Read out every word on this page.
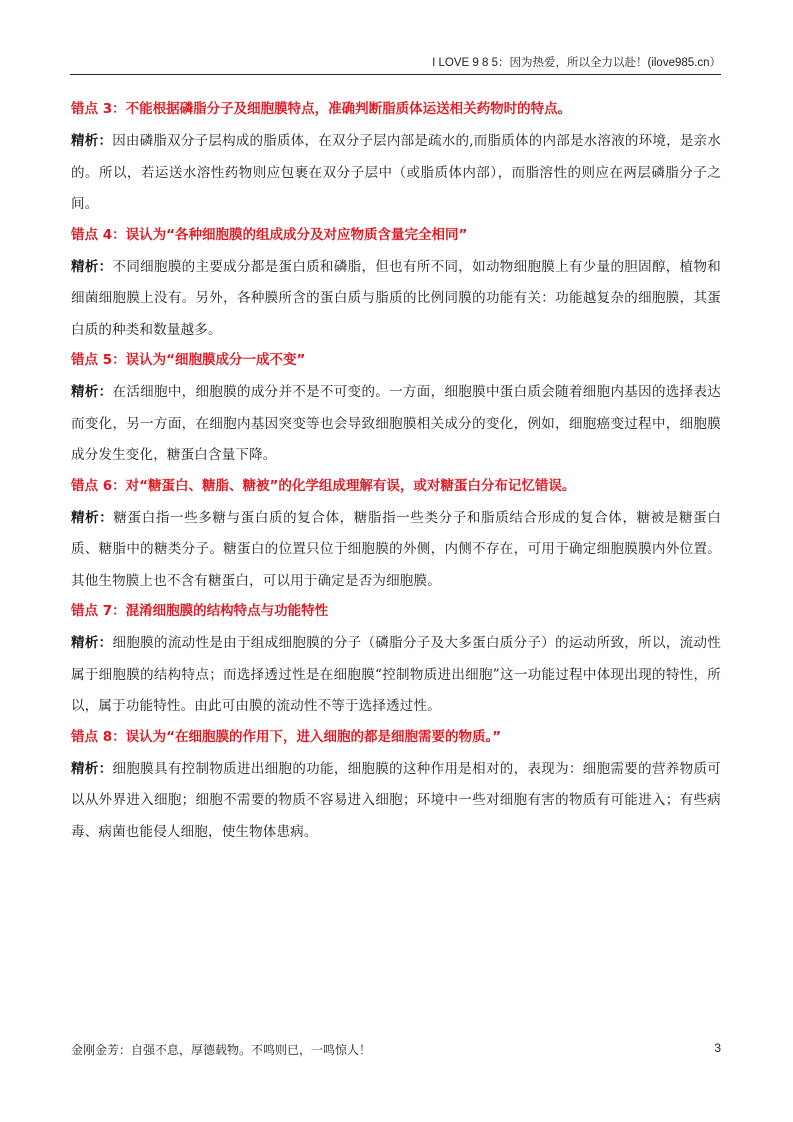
I LOVE 9 8 5：因为热爱，所以全力以赴！(ilove985.cn）

错点 3：不能根据磷脂分子及细胞膜特点，准确判断脂质体运送相关药物时的特点。

精析：因由磷脂双分子层构成的脂质体，在双分子层内部是疏水的,而脂质体的内部是水溶液的环境，是亲水的。所以，若运送水溶性药物则应包裹在双分子层中（或脂质体内部），而脂溶性的则应在两层磷脂分子之间。

错点 4：误认为“各种细胞膜的组成成分及对应物质含量完全相同”

精析：不同细胞膜的主要成分都是蛋白质和磷脂，但也有所不同，如动物细胞膜上有少量的胆固醇，植物和细菌细胞膜上没有。另外，各种膜所含的蛋白质与脂质的比例同膜的功能有关：功能越复杂的细胞膜，其蛋白质的种类和数量越多。

错点 5：误认为“细胞膜成分一成不变”

精析：在活细胞中，细胞膜的成分并不是不可变的。一方面，细胞膜中蛋白质会随着细胞内基因的选择表达而变化，另一方面，在细胞内基因突变等也会导致细胞膜相关成分的变化，例如，细胞癌变过程中，细胞膜成分发生变化，糖蛋白含量下降。

错点 6：对“糖蛋白、糖脂、糖被”的化学组成理解有误，或对糖蛋白分布记忆错误。

精析：糖蛋白指一些多糖与蛋白质的复合体，糖脂指一些类分子和脂质结合形成的复合体，糖被是糖蛋白质、糖脂中的糖类分子。糖蛋白的位置只位于细胞膜的外侧，内侧不存在，可用于确定细胞膜膜内外位置。其他生物膜上也不含有糖蛋白，可以用于确定是否为细胞膜。

错点 7：混淆细胞膜的结构特点与功能特性

精析：细胞膜的流动性是由于组成细胞膜的分子（磷脂分子及大多蛋白质分子）的运动所致，所以，流动性属于细胞膜的结构特点；而选择透过性是在细胞膜“控制物质进出细胞”这一功能过程中体现出现的特性，所以，属于功能特性。由此可由膜的流动性不等于选择透过性。

错点 8：误认为“在细胞膜的作用下，进入细胞的都是细胞需要的物质。”

精析：细胞膜具有控制物质进出细胞的功能，细胞膜的这种作用是相对的，表现为：细胞需要的营养物质可以从外界进入细胞；细胞不需要的物质不容易进入细胞；环境中一些对细胞有害的物质有可能进入；有些病毒、病菌也能侵人细胞，使生物体患病。

金刚金芳：自强不息，厚德载物。不鸣则已，一鸣惊人！	3
